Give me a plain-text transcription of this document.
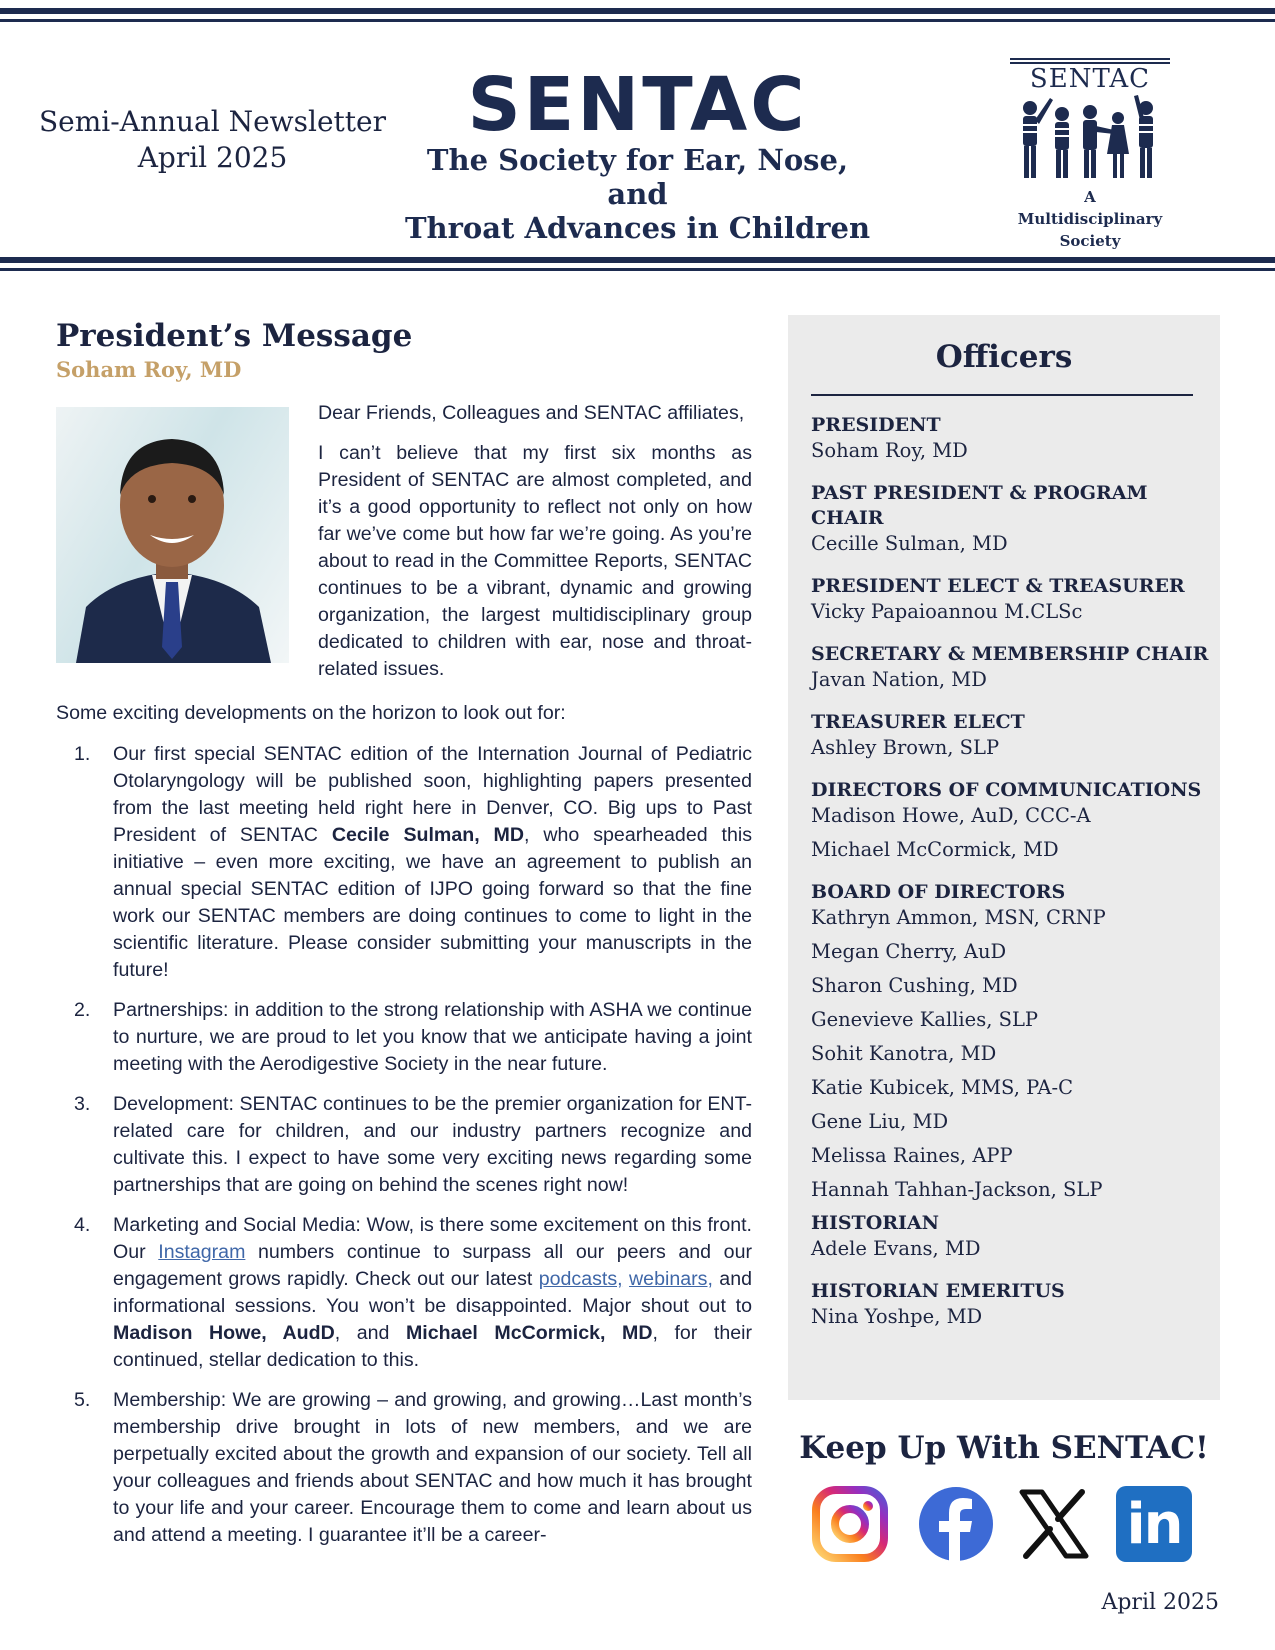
Semi-Annual Newsletter
April 2025
SENTAC
The Society for Ear, Nose, and
Throat Advances in Children
SENTAC
A Multidisciplinary
Society
President’s Message
Soham Roy, MD

Dear Friends, Colleagues and SENTAC affiliates,

I can’t believe that my first six months as President of SENTAC are almost completed, and it’s a good opportunity to reflect not only on how far we’ve come but how far we’re going. As you’re about to read in the Committee Reports, SENTAC continues to be a vibrant, dynamic and growing organization, the largest multidisciplinary group dedicated to children with ear, nose and throat-related issues.

Some exciting developments on the horizon to look out for:
1. Our first special SENTAC edition of the Internation Journal of Pediatric Otolaryngology will be published soon, highlighting papers presented from the last meeting held right here in Denver, CO. Big ups to Past President of SENTAC Cecile Sulman, MD, who spearheaded this initiative – even more exciting, we have an agreement to publish an annual special SENTAC edition of IJPO going forward so that the fine work our SENTAC members are doing continues to come to light in the scientific literature. Please consider submitting your manuscripts in the future!
2. Partnerships: in addition to the strong relationship with ASHA we continue to nurture, we are proud to let you know that we anticipate having a joint meeting with the Aerodigestive Society in the near future.
3. Development: SENTAC continues to be the premier organization for ENT-related care for children, and our industry partners recognize and cultivate this. I expect to have some very exciting news regarding some partnerships that are going on behind the scenes right now!
4. Marketing and Social Media: Wow, is there some excitement on this front. Our Instagram numbers continue to surpass all our peers and our engagement grows rapidly. Check out our latest podcasts, webinars, and informational sessions. You won’t be disappointed. Major shout out to Madison Howe, AudD, and Michael McCormick, MD, for their continued, stellar dedication to this.
5. Membership: We are growing – and growing, and growing…Last month’s membership drive brought in lots of new members, and we are perpetually excited about the growth and expansion of our society. Tell all your colleagues and friends about SENTAC and how much it has brought to your life and your career. Encourage them to come and learn about us and attend a meeting. I guarantee it’ll be a career-
Officers
PRESIDENT
Soham Roy, MD
PAST PRESIDENT & PROGRAM
CHAIR
Cecille Sulman, MD
PRESIDENT ELECT & TREASURER
Vicky Papaioannou M.CLSc
SECRETARY & MEMBERSHIP CHAIR
Javan Nation, MD
TREASURER ELECT
Ashley Brown, SLP
DIRECTORS OF COMMUNICATIONS
Madison Howe, AuD, CCC-A
Michael McCormick, MD
BOARD OF DIRECTORS
Kathryn Ammon, MSN, CRNP
Megan Cherry, AuD
Sharon Cushing, MD
Genevieve Kallies, SLP
Sohit Kanotra, MD
Katie Kubicek, MMS, PA-C
Gene Liu, MD
Melissa Raines, APP
Hannah Tahhan-Jackson, SLP
HISTORIAN
Adele Evans, MD
HISTORIAN EMERITUS
Nina Yoshpe, MD
Keep Up With SENTAC!
in
April 2025
